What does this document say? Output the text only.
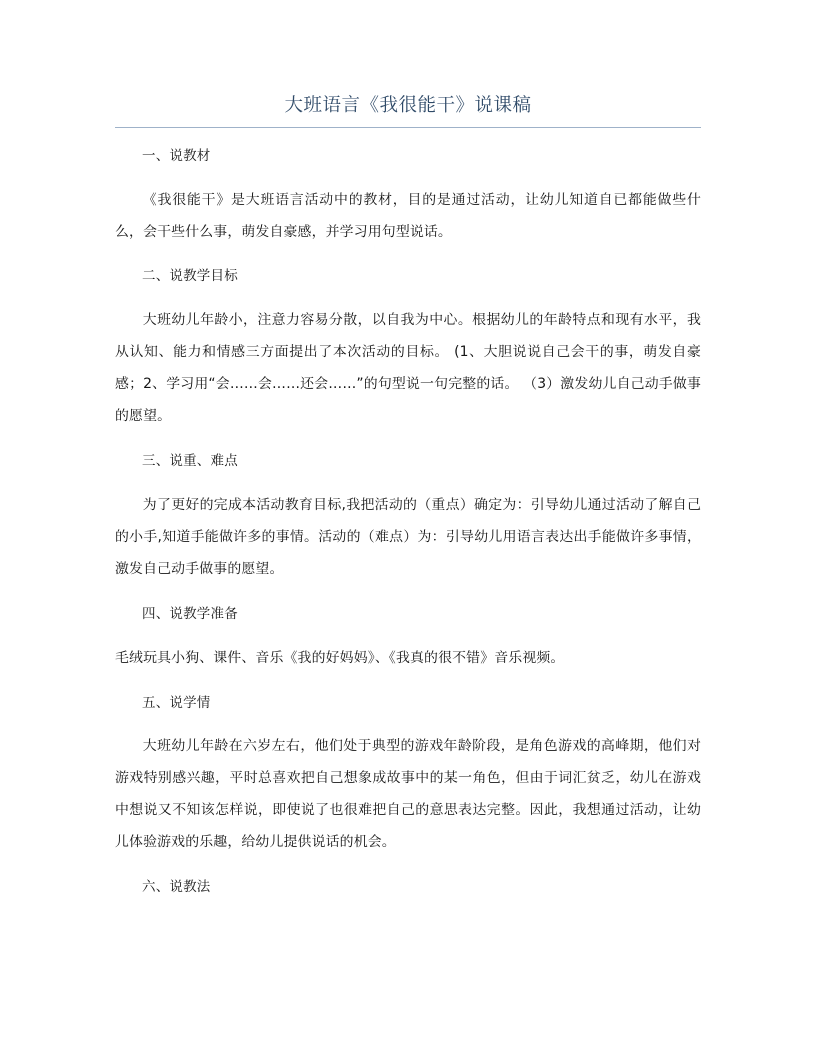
大班语言《我很能干》说课稿

一、说教材

《我很能干》是大班语言活动中的教材，目的是通过活动，让幼儿知道自已都能做些什么，会干些什么事，萌发自豪感，并学习用句型说话。

二、说教学目标

大班幼儿年龄小，注意力容易分散，以自我为中心。根据幼儿的年龄特点和现有水平，我从认知、能力和情感三方面提出了本次活动的目标。 (1、大胆说说自己会干的事，萌发自豪感；2、学习用“会……会……还会……”的句型说一句完整的话。 （3）激发幼儿自己动手做事的愿望。

三、说重、难点

为了更好的完成本活动教育目标,我把活动的（重点）确定为：引导幼儿通过活动了解自己的小手,知道手能做许多的事情。活动的（难点）为：引导幼儿用语言表达出手能做许多事情，激发自己动手做事的愿望。

四、说教学准备

毛绒玩具小狗、课件、音乐《我的好妈妈》、《我真的很不错》音乐视频。

五、说学情

大班幼儿年龄在六岁左右，他们处于典型的游戏年龄阶段，是角色游戏的高峰期，他们对游戏特别感兴趣，平时总喜欢把自己想象成故事中的某一角色，但由于词汇贫乏，幼儿在游戏中想说又不知该怎样说，即使说了也很难把自己的意思表达完整。因此，我想通过活动，让幼儿体验游戏的乐趣，给幼儿提供说话的机会。

六、说教法
